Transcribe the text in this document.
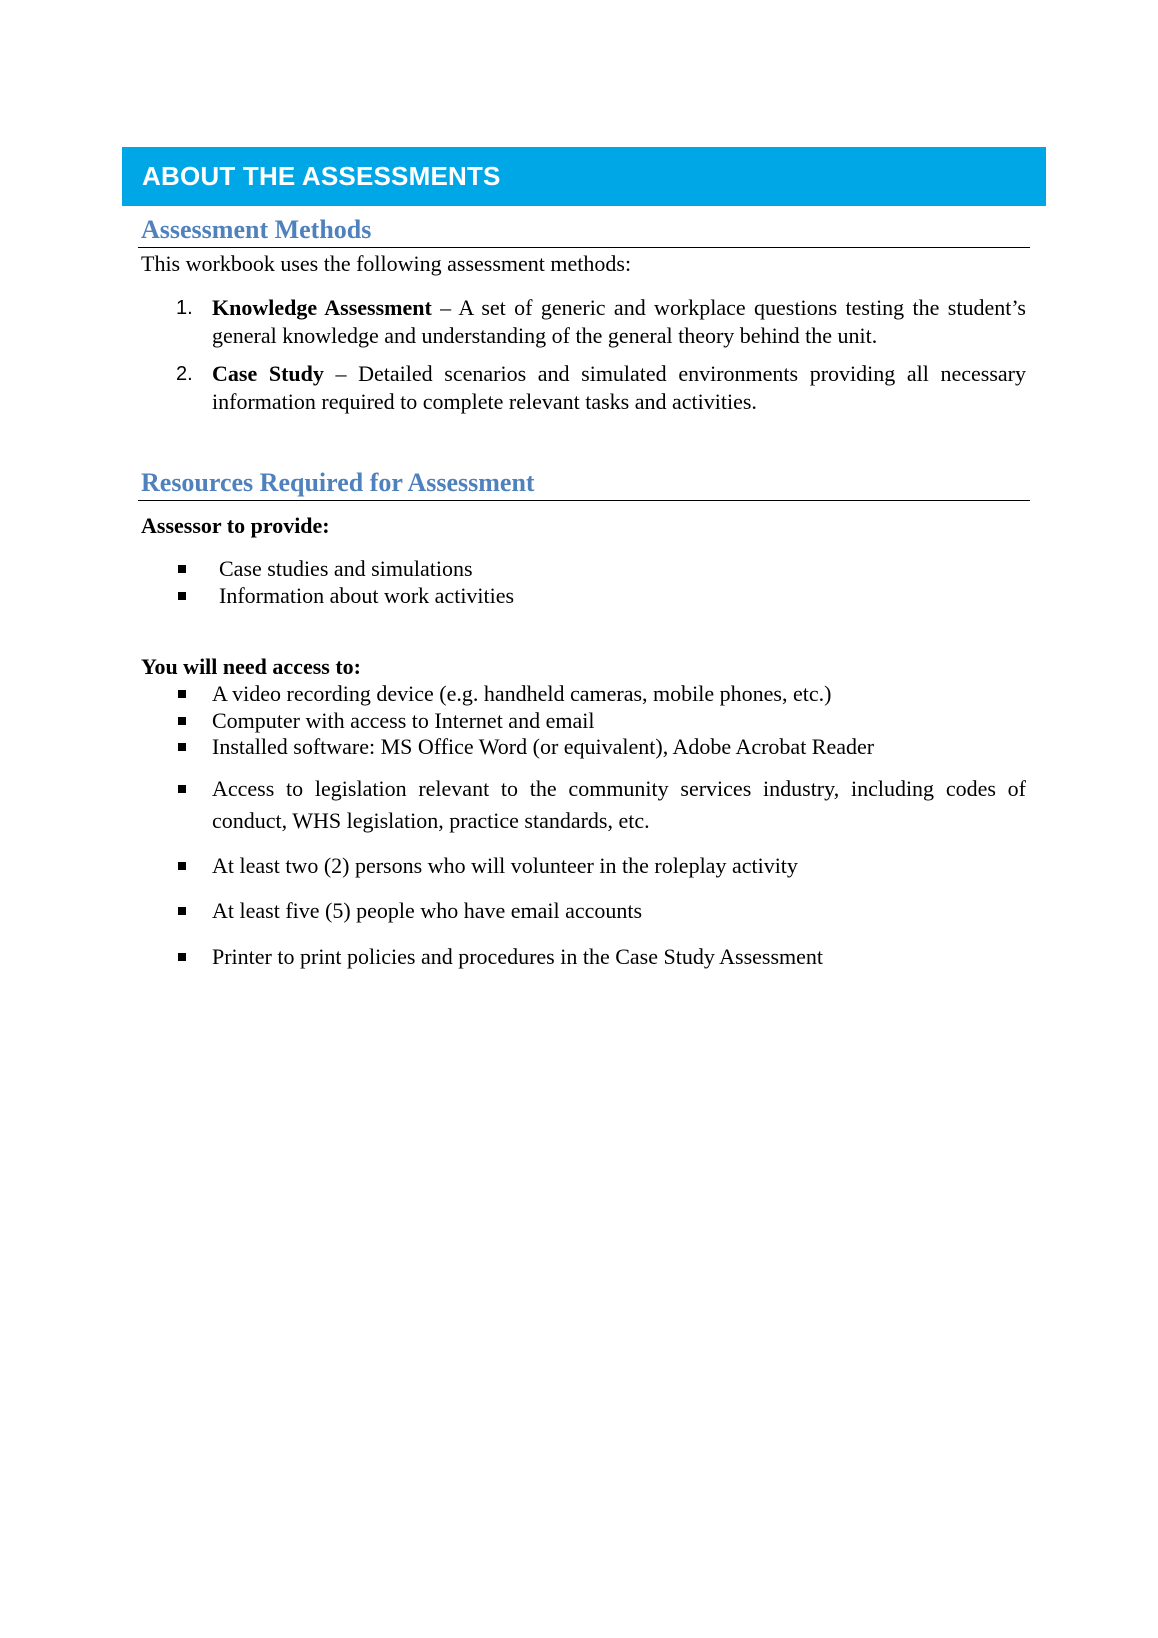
ABOUT THE ASSESSMENTS
Assessment Methods
This workbook uses the following assessment methods:
1. Knowledge Assessment – A set of generic and workplace questions testing the student’s general knowledge and understanding of the general theory behind the unit.
2. Case Study – Detailed scenarios and simulated environments providing all necessary information required to complete relevant tasks and activities.
Resources Required for Assessment
Assessor to provide:
Case studies and simulations
Information about work activities
You will need access to:
A video recording device (e.g. handheld cameras, mobile phones, etc.)
Computer with access to Internet and email
Installed software: MS Office Word (or equivalent), Adobe Acrobat Reader
Access to legislation relevant to the community services industry, including codes of conduct, WHS legislation, practice standards, etc.
At least two (2) persons who will volunteer in the roleplay activity
At least five (5) people who have email accounts
Printer to print policies and procedures in the Case Study Assessment
